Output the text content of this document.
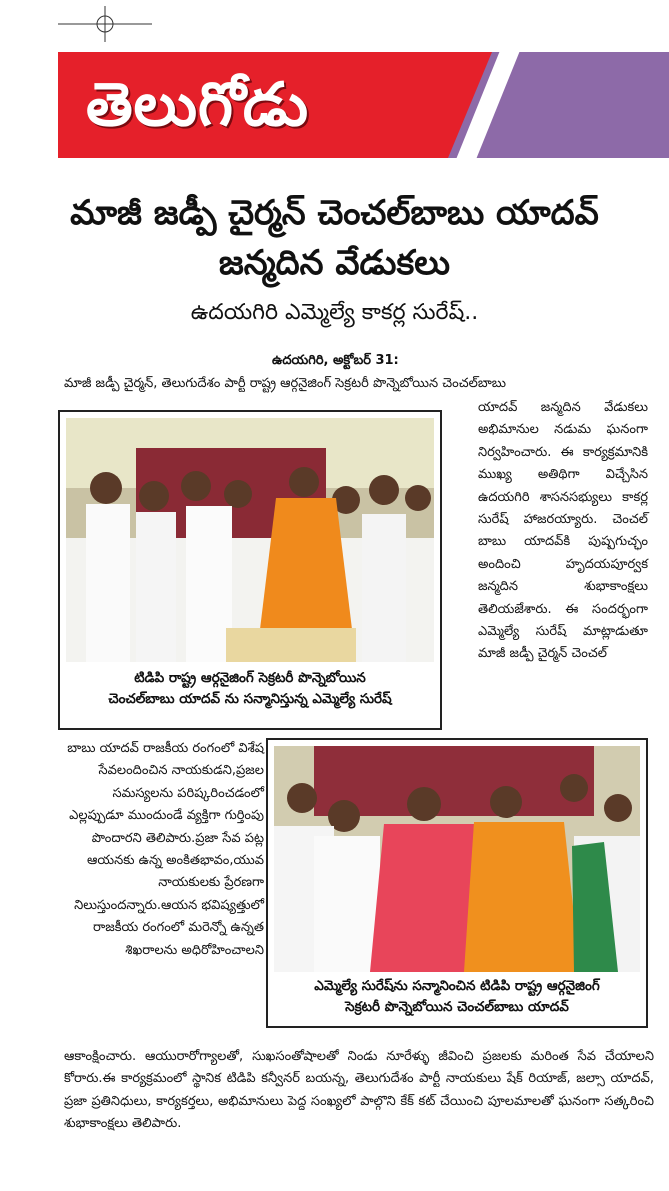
తెలుగోడు
మాజీ జడ్పీ చైర్మన్ చెంచల్‌బాబు యాదవ్
జన్మదిన వేడుకలు
ఉదయగిరి ఎమ్మెల్యే కాకర్ల సురేష్..
ఉదయగిరి, అక్టోబర్ 31:
మాజీ జడ్పీ చైర్మన్, తెలుగుదేశం పార్టీ రాష్ట్ర ఆర్గనైజింగ్ సెక్రటరీ పొన్నెబోయిన చెంచల్‌బాబు
యాదవ్ జన్మదిన వేడుకలు అభిమానుల నడుమ ఘనంగా నిర్వహించారు. ఈ కార్యక్రమానికి ముఖ్య అతిథిగా విచ్చేసిన ఉదయగిరి శాసనసభ్యులు కాకర్ల సురేష్ హాజరయ్యారు. చెంచల్ బాబు యాదవ్‌కి పుష్పగుచ్ఛం అందించి హృదయపూర్వక జన్మదిన శుభాకాంక్షలు తెలియజేశారు. ఈ సందర్భంగా ఎమ్మెల్యే సురేష్ మాట్లాడుతూ మాజీ జడ్పీ చైర్మన్ చెంచల్
టిడిపి రాష్ట్ర ఆర్గనైజింగ్ సెక్రటరీ పొన్నెబోయిన
చెంచల్‌బాబు యాదవ్ ను సన్మానిస్తున్న ఎమ్మెల్యే సురేష్
బాబు యాదవ్ రాజకీయ రంగంలో విశేష సేవలందించిన నాయకుడని,ప్రజల సమస్యలను పరిష్కరించడంలో ఎల్లప్పుడూ ముందుండే వ్యక్తిగా గుర్తింపు పొందారని తెలిపారు.ప్రజా సేవ పట్ల ఆయనకు ఉన్న అంకితభావం,యువ నాయకులకు ప్రేరణగా నిలుస్తుందన్నారు.ఆయన భవిష్యత్తులో రాజకీయ రంగంలో మరెన్నో ఉన్నత శిఖరాలను అధిరోహించాలని
ఎమ్మెల్యే సురేష్‌ను సన్మానించిన టిడిపి రాష్ట్ర ఆర్గనైజింగ్
సెక్రటరీ పొన్నెబోయిన చెంచల్‌బాబు యాదవ్
ఆకాంక్షించారు. ఆయురారోగ్యాలతో, సుఖసంతోషాలతో నిండు నూరేళ్ళు జీవించి ప్రజలకు మరింత సేవ చేయాలని కోరారు.ఈ కార్యక్రమంలో స్థానిక టిడిపి కన్వీనర్ బయన్న, తెలుగుదేశం పార్టీ నాయకులు షేక్ రియాజ్, జల్సా యాదవ్, ప్రజా ప్రతినిధులు, కార్యకర్తలు, అభిమానులు పెద్ద సంఖ్యలో పాల్గొని కేక్ కట్ చేయించి పూలమాలతో ఘనంగా సత్కరించి శుభాకాంక్షలు తెలిపారు.
